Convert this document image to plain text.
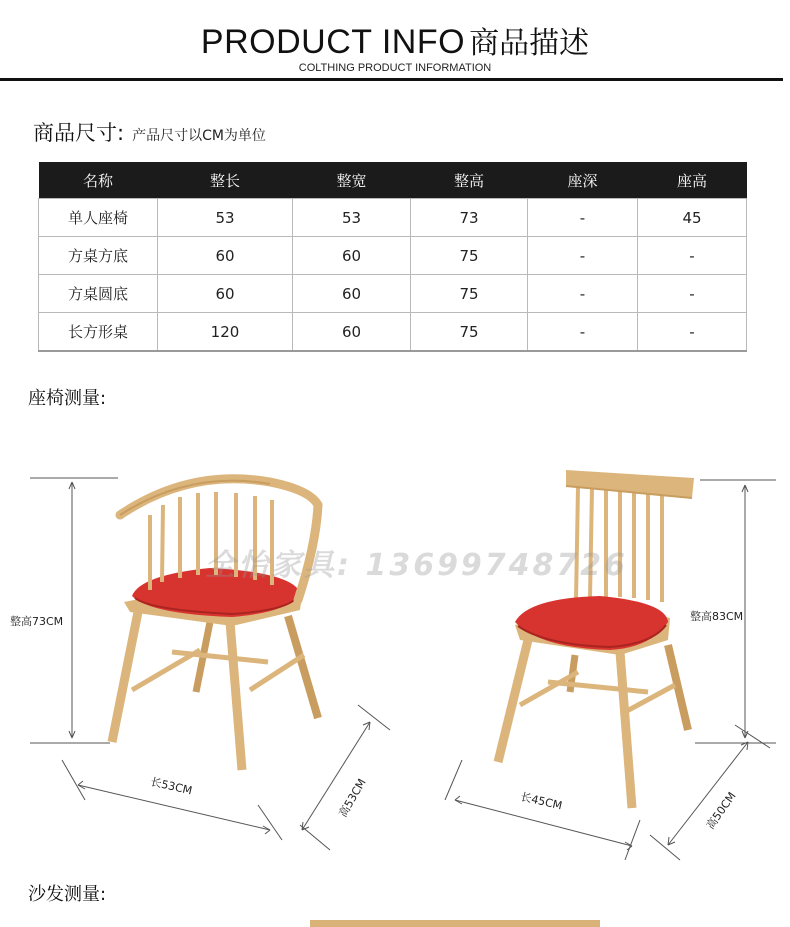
PRODUCT INFO 商品描述
COLTHING PRODUCT INFORMATION
商品尺寸: 产品尺寸以CM为单位
名称	整长	整宽	整高	座深	座高
单人座椅	53	53	73	-	45
方桌方底	60	60	75	-	-
方桌圆底	60	60	75	-	-
长方形桌	120	60	75	-	-
座椅测量:
整高73CM
长53CM	高53CM
整高83CM
长45CM	高50CM
全怡家具: 13699748726
沙发测量:
